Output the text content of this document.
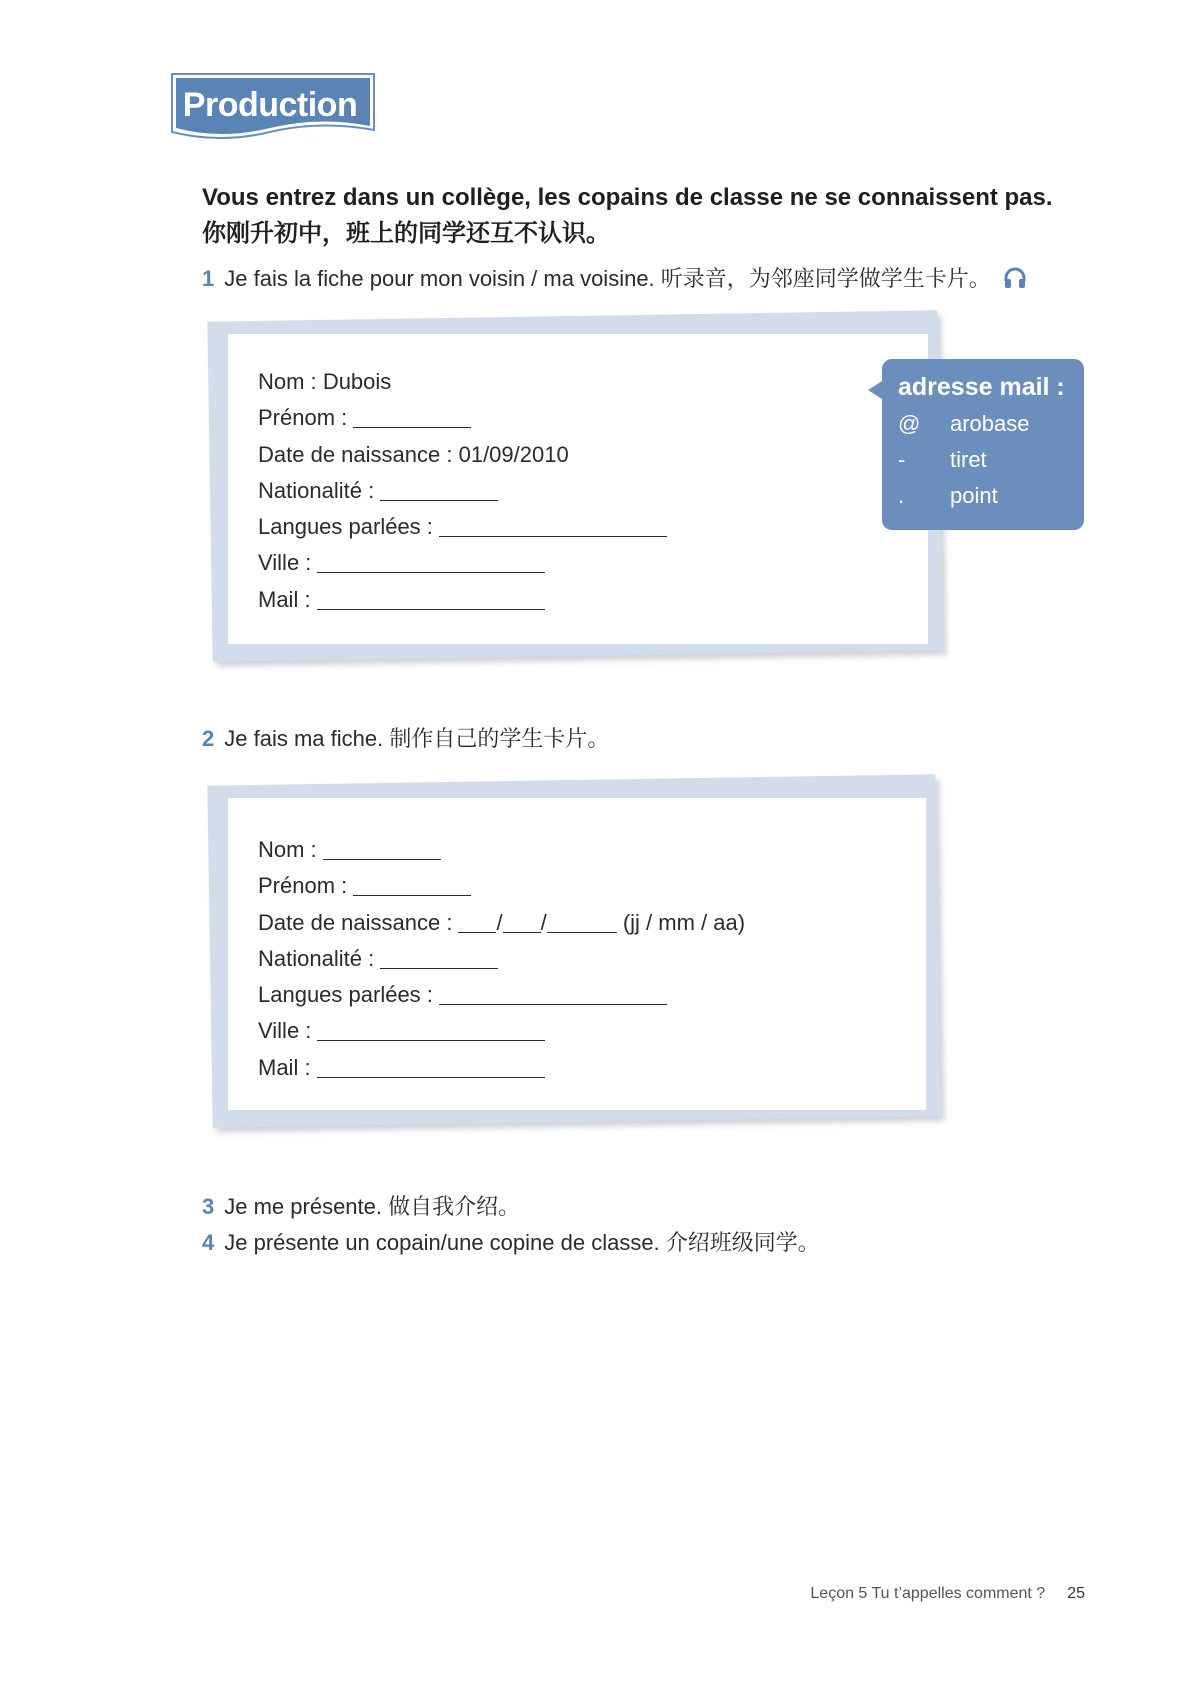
Production
Vous entrez dans un collège, les copains de classe ne se connaissent pas.
你刚升初中，班上的同学还互不认识。
1 Je fais la fiche pour mon voisin / ma voisine. 听录音，为邻座同学做学生卡片。
Nom : Dubois
Prénom :
Date de naissance : 01/09/2010
Nationalité :
Langues parlées :
Ville :
Mail :
adresse mail :
@ arobase
- tiret
. point
2 Je fais ma fiche. 制作自己的学生卡片。
Nom :
Prénom :
Date de naissance : / /	(jj / mm / aa)
Nationalité :
Langues parlées :
Ville :
Mail :
3 Je me présente. 做自我介绍。
4 Je présente un copain/une copine de classe. 介绍班级同学。
Leçon 5 Tu t’appelles comment ? 25
